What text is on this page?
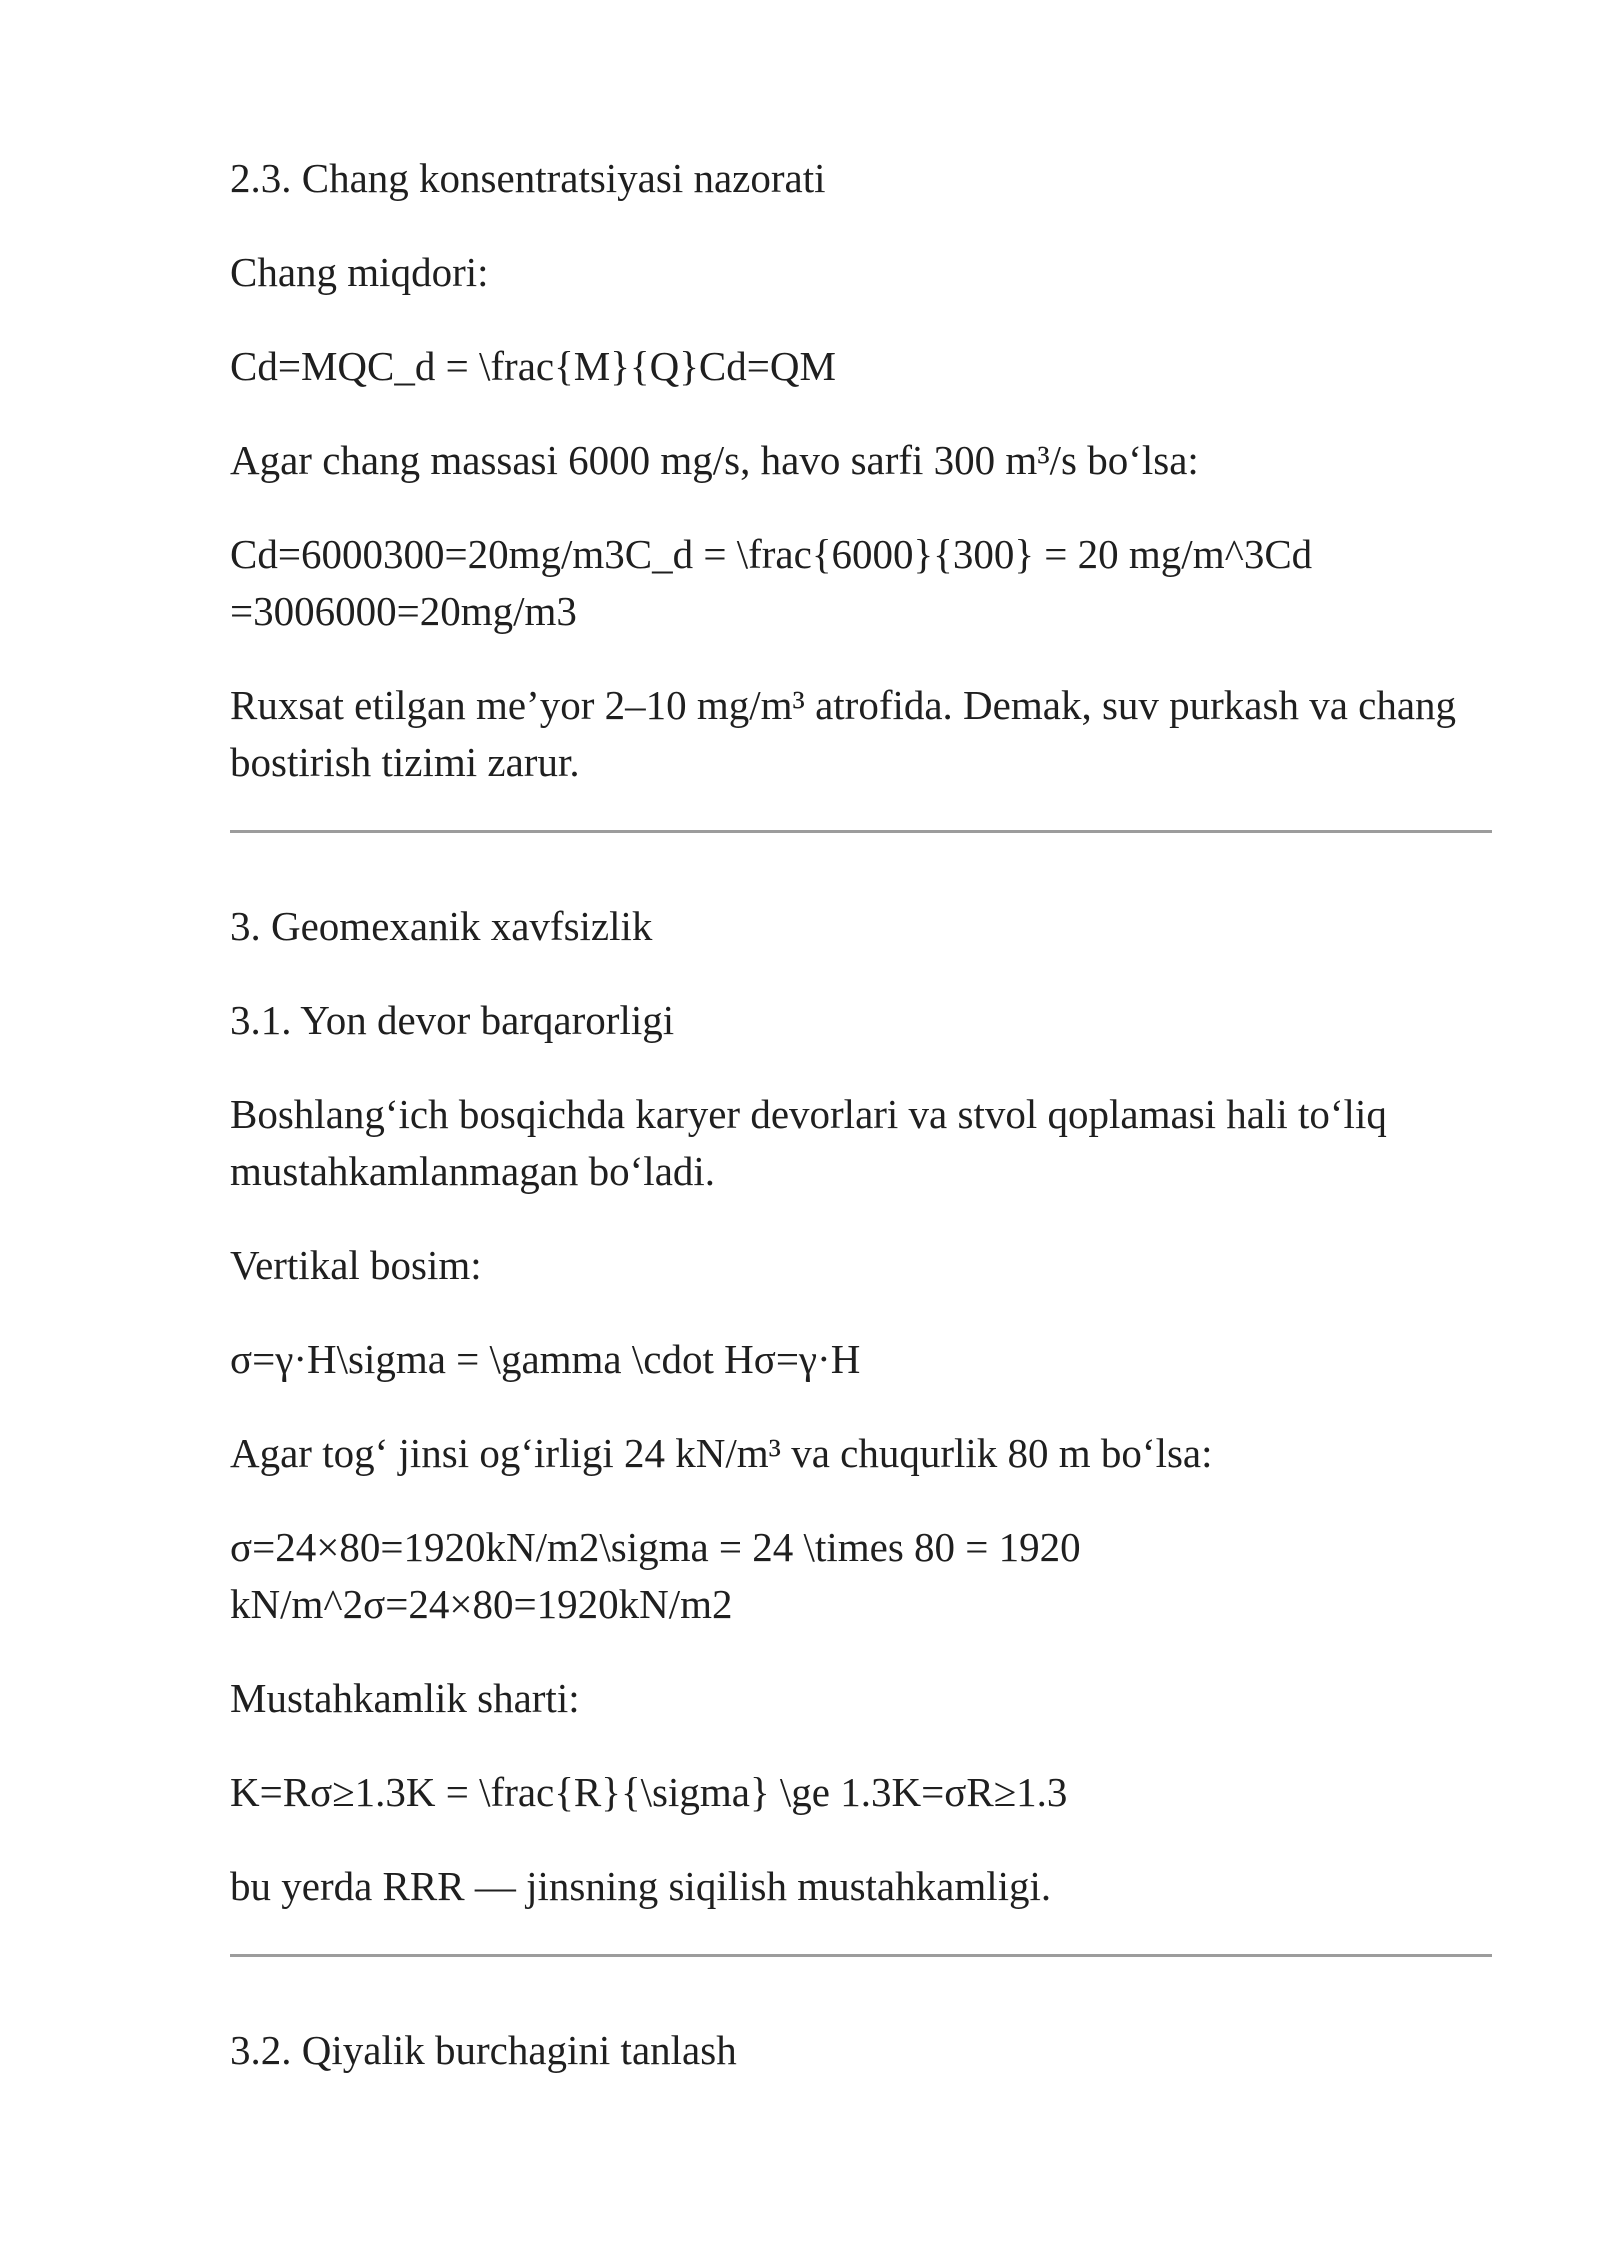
2.3. Chang konsentratsiyasi nazorati

Chang miqdori:

Cd=MQC_d = \frac{M}{Q}Cd=QM

Agar chang massasi 6000 mg/s, havo sarfi 300 m³/s bo‘lsa:

Cd=6000300=20mg/m3C_d = \frac{6000}{300} = 20 mg/m^3Cd =3006000=20mg/m3

Ruxsat etilgan me’yor 2–10 mg/m³ atrofida. Demak, suv purkash va chang bostirish tizimi zarur.

3. Geomexanik xavfsizlik

3.1. Yon devor barqarorligi

Boshlang‘ich bosqichda karyer devorlari va stvol qoplamasi hali to‘liq mustahkamlanmagan bo‘ladi.

Vertikal bosim:

σ=γ·H\sigma = \gamma \cdot Hσ=γ·H

Agar tog‘ jinsi og‘irligi 24 kN/m³ va chuqurlik 80 m bo‘lsa:

σ=24×80=1920kN/m2\sigma = 24 \times 80 = 1920 kN/m^2σ=24×80=1920kN/m2

Mustahkamlik sharti:

K=Rσ≥1.3K = \frac{R}{\sigma} \ge 1.3K=σR≥1.3

bu yerda RRR — jinsning siqilish mustahkamligi.

3.2. Qiyalik burchagini tanlash
